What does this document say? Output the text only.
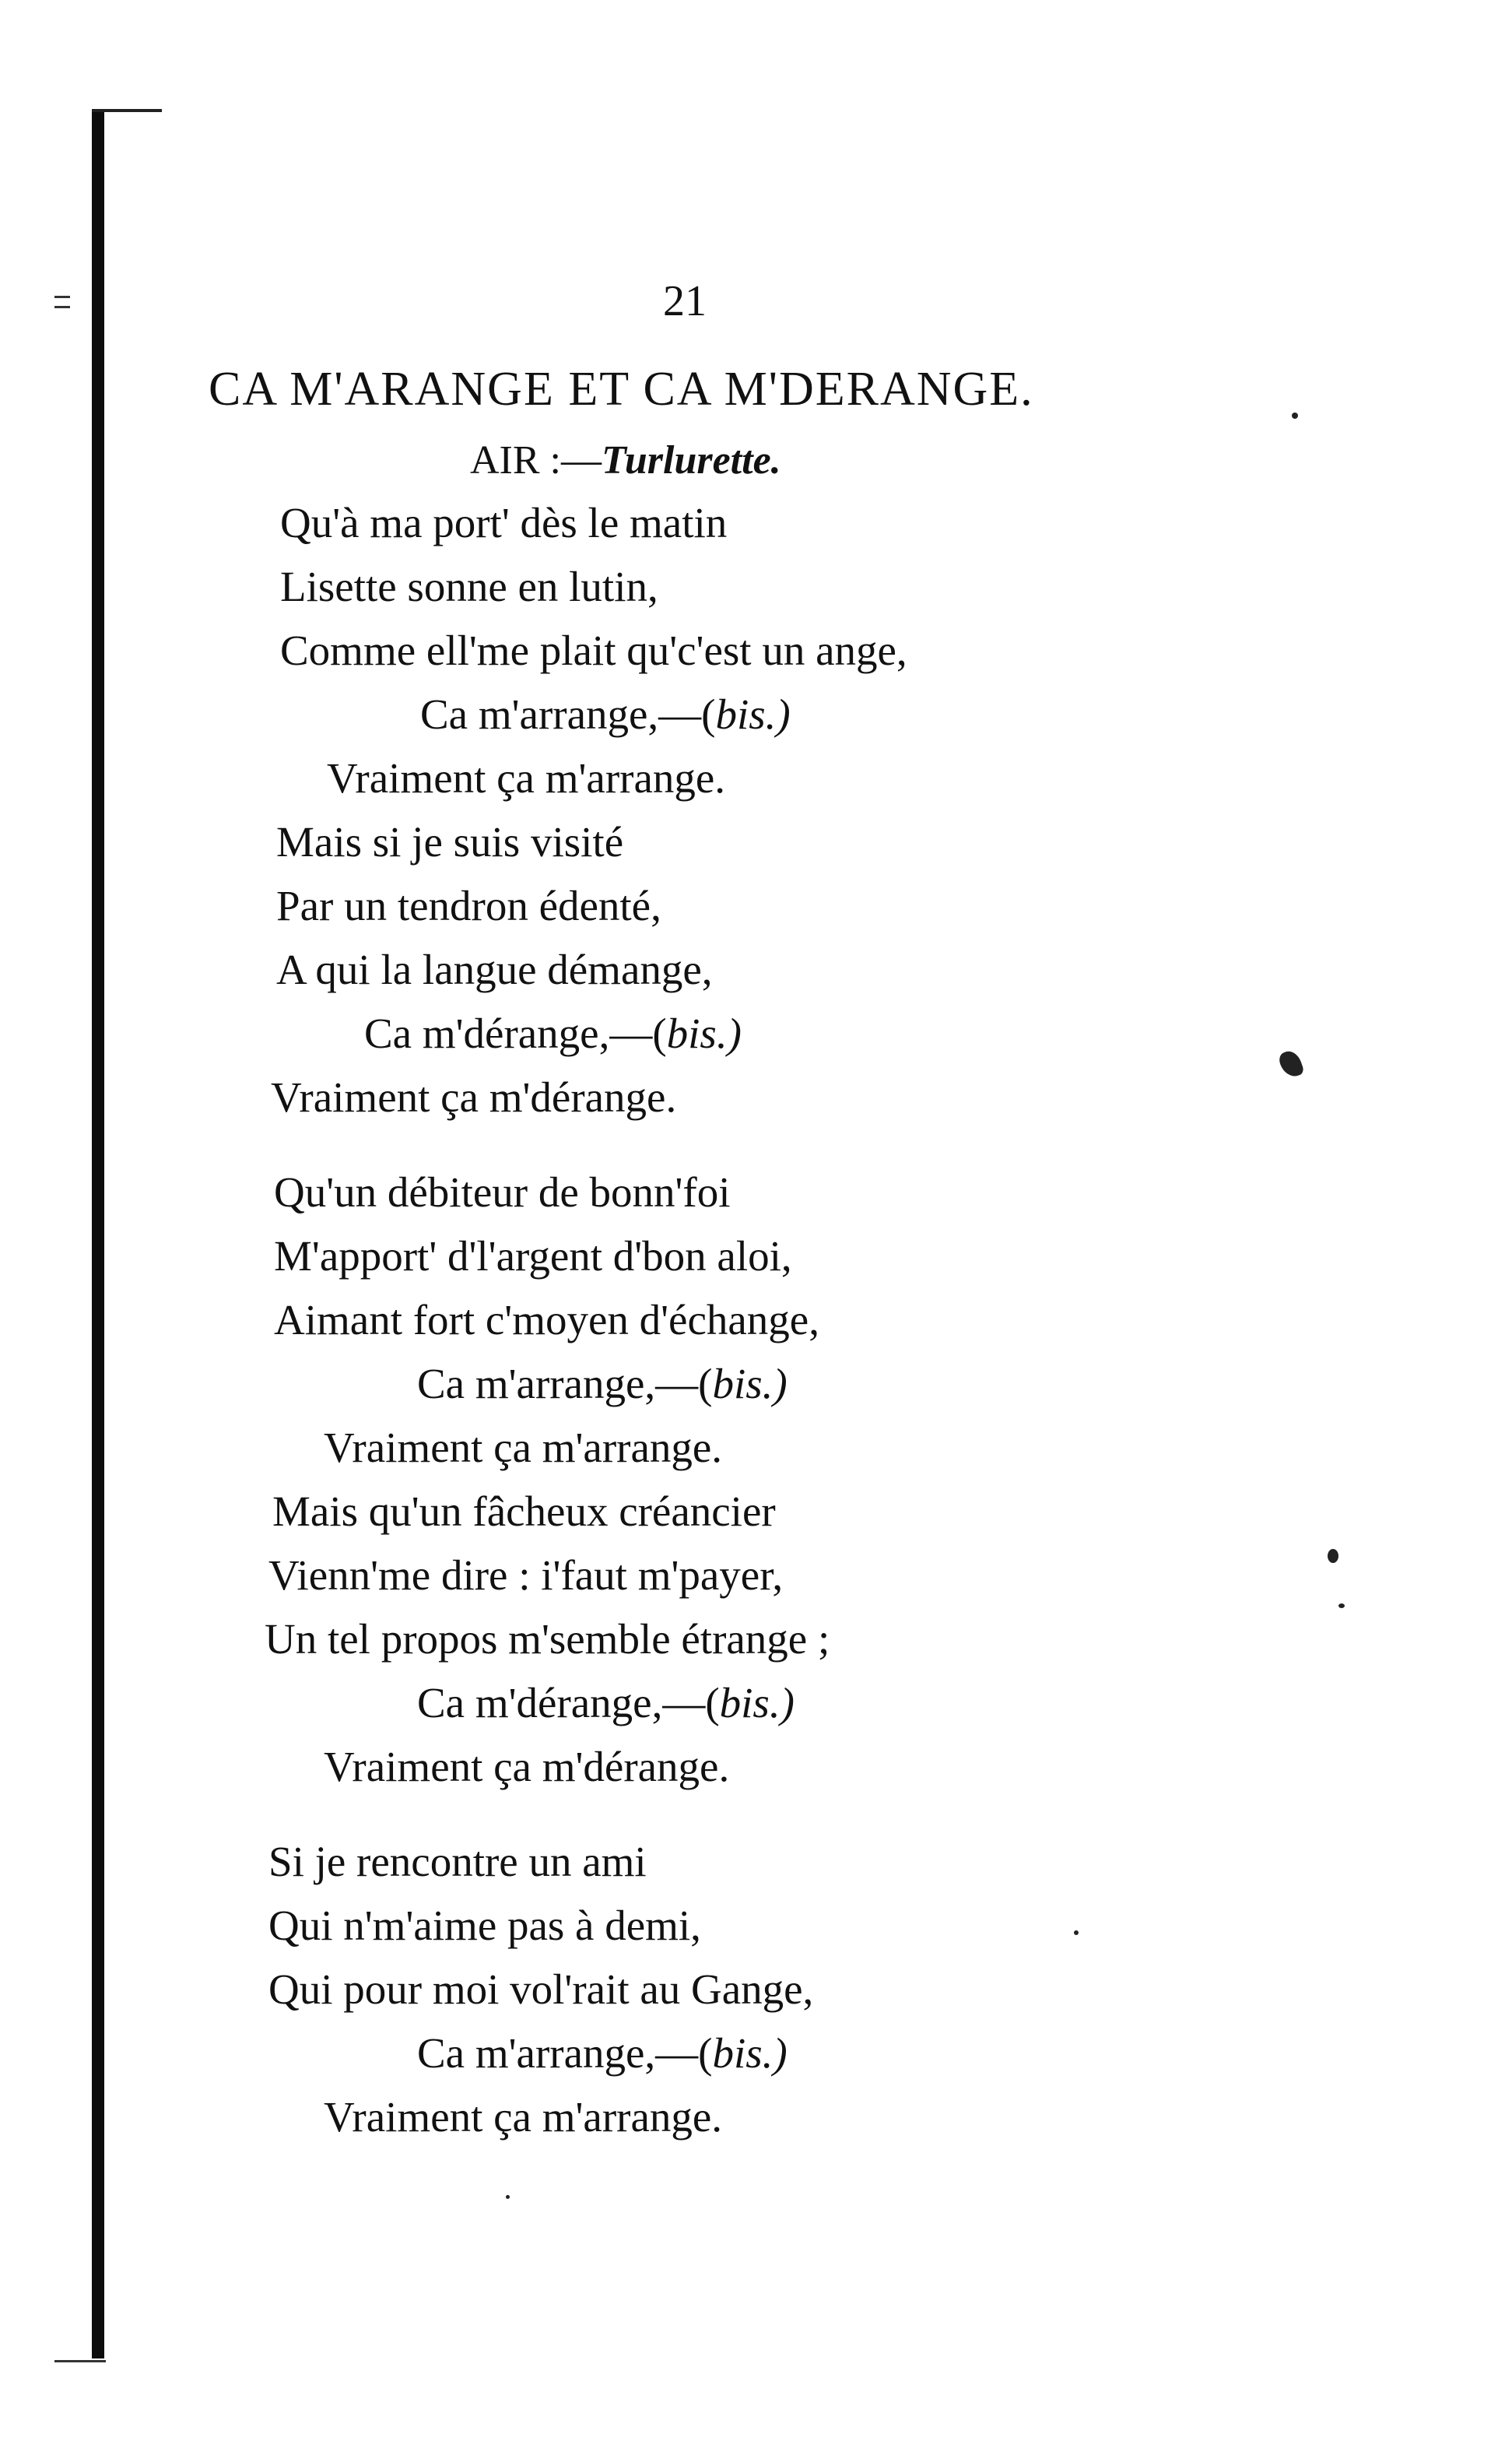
21
CA M'ARANGE ET CA M'DERANGE.
AIR :—Turlurette.
Qu'à ma port' dès le matin
Lisette sonne en lutin,
Comme ell'me plait qu'c'est un ange,
Ca m'arrange,—(bis.)
Vraiment ça m'arrange.
Mais si je suis visité
Par un tendron édenté,
A qui la langue démange,
Ca m'dérange,—(bis.)
Vraiment ça m'dérange.
Qu'un débiteur de bonn'foi
M'apport' d'l'argent d'bon aloi,
Aimant fort c'moyen d'échange,
Ca m'arrange,—(bis.)
Vraiment ça m'arrange.
Mais qu'un fâcheux créancier
Vienn'me dire : i'faut m'payer,
Un tel propos m'semble étrange ;
Ca m'dérange,—(bis.)
Vraiment ça m'dérange.
Si je rencontre un ami
Qui n'm'aime pas à demi,
Qui pour moi vol'rait au Gange,
Ca m'arrange,—(bis.)
Vraiment ça m'arrange.
